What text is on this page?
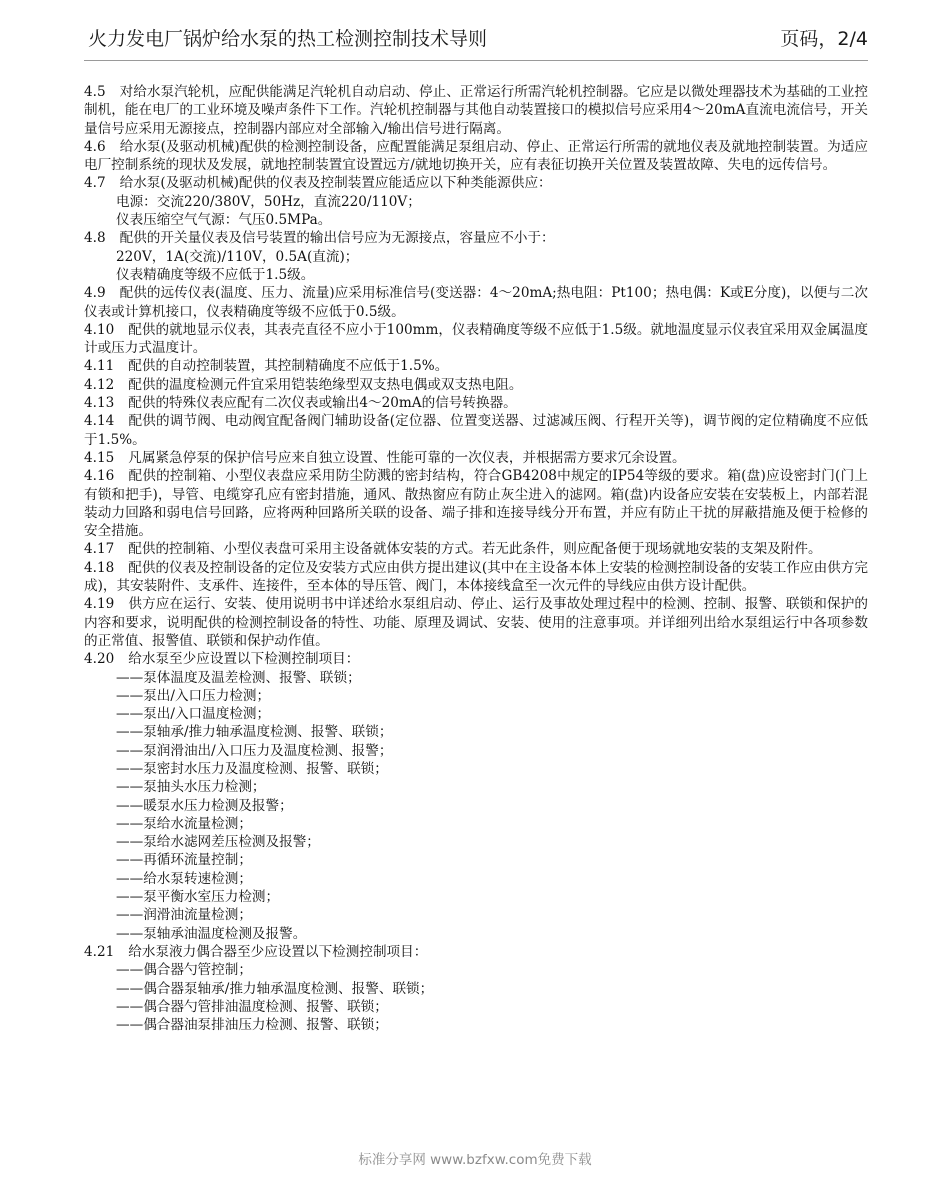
火力发电厂锅炉给水泵的热工检测控制技术导则	页码，2/4

4.5 对给水泵汽轮机，应配供能满足汽轮机自动启动、停止、正常运行所需汽轮机控制器。它应是以微处理器技术为基础的工业控制机，能在电厂的工业环境及噪声条件下工作。汽轮机控制器与其他自动装置接口的模拟信号应采用4～20mA直流电流信号，开关量信号应采用无源接点，控制器内部应对全部输入/输出信号进行隔离。

4.6 给水泵(及驱动机械)配供的检测控制设备，应配置能满足泵组启动、停止、正常运行所需的就地仪表及就地控制装置。为适应电厂控制系统的现状及发展，就地控制装置宜设置远方/就地切换开关，应有表征切换开关位置及装置故障、失电的远传信号。

4.7 给水泵(及驱动机械)配供的仪表及控制装置应能适应以下种类能源供应：

电源：交流220/380V，50Hz，直流220/110V；

仪表压缩空气气源：气压0.5MPa。

4.8 配供的开关量仪表及信号装置的输出信号应为无源接点，容量应不小于：

220V，1A(交流)/110V，0.5A(直流)；

仪表精确度等级不应低于1.5级。

4.9 配供的远传仪表(温度、压力、流量)应采用标准信号(变送器：4～20mA;热电阻：Pt100；热电偶：K或E分度)，以便与二次仪表或计算机接口，仪表精确度等级不应低于0.5级。

4.10 配供的就地显示仪表，其表壳直径不应小于100mm，仪表精确度等级不应低于1.5级。就地温度显示仪表宜采用双金属温度计或压力式温度计。

4.11 配供的自动控制装置，其控制精确度不应低于1.5%。

4.12 配供的温度检测元件宜采用铠装绝缘型双支热电偶或双支热电阻。

4.13 配供的特殊仪表应配有二次仪表或输出4～20mA的信号转换器。

4.14 配供的调节阀、电动阀宜配备阀门辅助设备(定位器、位置变送器、过滤减压阀、行程开关等)，调节阀的定位精确度不应低于1.5%。

4.15 凡属紧急停泵的保护信号应来自独立设置、性能可靠的一次仪表，并根据需方要求冗余设置。

4.16 配供的控制箱、小型仪表盘应采用防尘防溅的密封结构，符合GB4208中规定的IP54等级的要求。箱(盘)应设密封门(门上有锁和把手)，导管、电缆穿孔应有密封措施，通风、散热窗应有防止灰尘进入的滤网。箱(盘)内设备应安装在安装板上，内部若混装动力回路和弱电信号回路，应将两种回路所关联的设备、端子排和连接导线分开布置，并应有防止干扰的屏蔽措施及便于检修的安全措施。

4.17 配供的控制箱、小型仪表盘可采用主设备就体安装的方式。若无此条件，则应配备便于现场就地安装的支架及附件。

4.18 配供的仪表及控制设备的定位及安装方式应由供方提出建议(其中在主设备本体上安装的检测控制设备的安装工作应由供方完成)，其安装附件、支承件、连接件，至本体的导压管、阀门，本体接线盒至一次元件的导线应由供方设计配供。

4.19 供方应在运行、安装、使用说明书中详述给水泵组启动、停止、运行及事故处理过程中的检测、控制、报警、联锁和保护的内容和要求，说明配供的检测控制设备的特性、功能、原理及调试、安装、使用的注意事项。并详细列出给水泵组运行中各项参数的正常值、报警值、联锁和保护动作值。

4.20 给水泵至少应设置以下检测控制项目：

——泵体温度及温差检测、报警、联锁；

——泵出/入口压力检测；

——泵出/入口温度检测；

——泵轴承/推力轴承温度检测、报警、联锁；

——泵润滑油出/入口压力及温度检测、报警；

——泵密封水压力及温度检测、报警、联锁；

——泵抽头水压力检测；

——暖泵水压力检测及报警；

——泵给水流量检测；

——泵给水滤网差压检测及报警；

——再循环流量控制；

——给水泵转速检测；

——泵平衡水室压力检测；

——润滑油流量检测；

——泵轴承油温度检测及报警。

4.21 给水泵液力偶合器至少应设置以下检测控制项目：

——偶合器勺管控制；

——偶合器泵轴承/推力轴承温度检测、报警、联锁；

——偶合器勺管排油温度检测、报警、联锁；

——偶合器油泵排油压力检测、报警、联锁；

标准分享网 www.bzfxw.com免费下载
